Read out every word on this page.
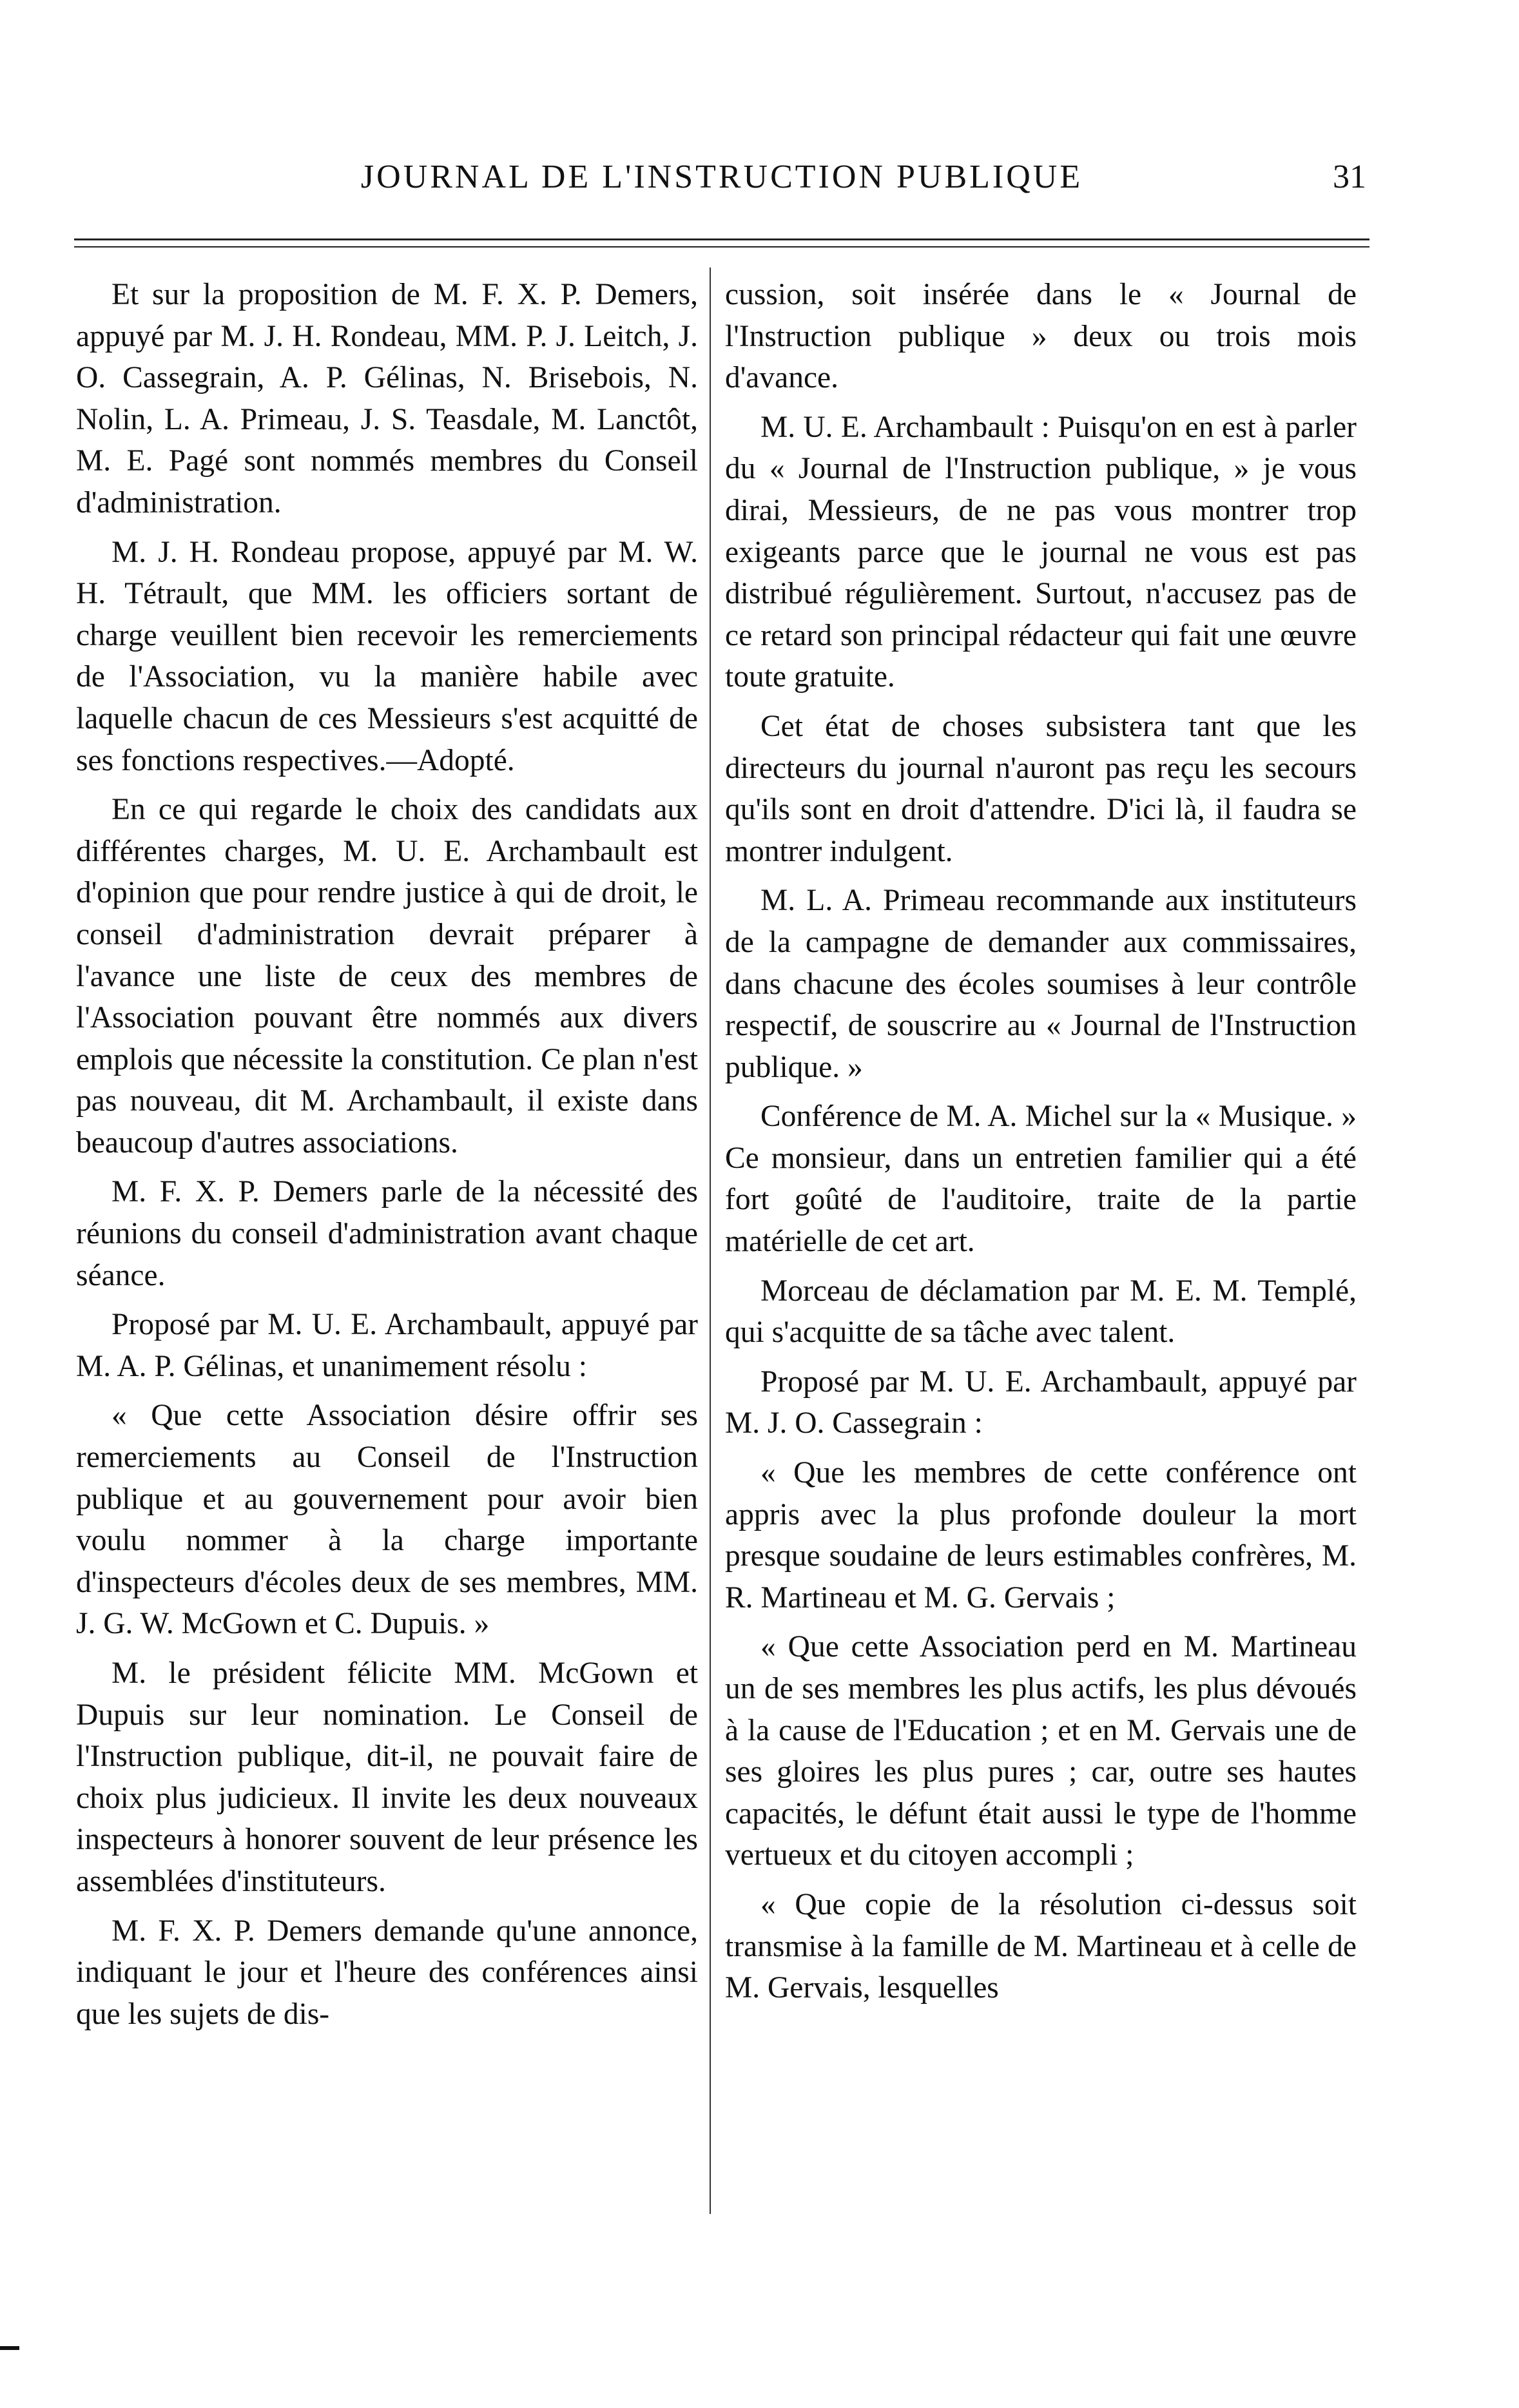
JOURNAL DE L'INSTRUCTION PUBLIQUE	31

Et sur la proposition de M. F. X. P. Demers, appuyé par M. J. H. Rondeau, MM. P. J. Leitch, J. O. Cassegrain, A. P. Gélinas, N. Brisebois, N. Nolin, L. A. Primeau, J. S. Teasdale, M. Lanctôt, M. E. Pagé sont nommés membres du Conseil d'administration.

M. J. H. Rondeau propose, appuyé par M. W. H. Tétrault, que MM. les officiers sortant de charge veuillent bien recevoir les remerciements de l'Association, vu la manière habile avec laquelle chacun de ces Messieurs s'est acquitté de ses fonctions respectives.—Adopté.

En ce qui regarde le choix des candidats aux différentes charges, M. U. E. Archambault est d'opinion que pour rendre justice à qui de droit, le conseil d'administration devrait préparer à l'avance une liste de ceux des membres de l'Association pouvant être nommés aux divers emplois que nécessite la constitution. Ce plan n'est pas nouveau, dit M. Archambault, il existe dans beaucoup d'autres associations.

M. F. X. P. Demers parle de la nécessité des réunions du conseil d'administration avant chaque séance.

Proposé par M. U. E. Archambault, appuyé par M. A. P. Gélinas, et unanimement résolu :

« Que cette Association désire offrir ses remerciements au Conseil de l'Instruction publique et au gouvernement pour avoir bien voulu nommer à la charge importante d'inspecteurs d'écoles deux de ses membres, MM. J. G. W. McGown et C. Dupuis. »

M. le président félicite MM. McGown et Dupuis sur leur nomination. Le Conseil de l'Instruction publique, dit-il, ne pouvait faire de choix plus judicieux. Il invite les deux nouveaux inspecteurs à honorer souvent de leur présence les assemblées d'instituteurs.

M. F. X. P. Demers demande qu'une annonce, indiquant le jour et l'heure des conférences ainsi que les sujets de dis-

cussion, soit insérée dans le « Journal de l'Instruction publique » deux ou trois mois d'avance.

M. U. E. Archambault : Puisqu'on en est à parler du « Journal de l'Instruction publique, » je vous dirai, Messieurs, de ne pas vous montrer trop exigeants parce que le journal ne vous est pas distribué régulièrement. Surtout, n'accusez pas de ce retard son principal rédacteur qui fait une œuvre toute gratuite.

Cet état de choses subsistera tant que les directeurs du journal n'auront pas reçu les secours qu'ils sont en droit d'attendre. D'ici là, il faudra se montrer indulgent.

M. L. A. Primeau recommande aux instituteurs de la campagne de demander aux commissaires, dans chacune des écoles soumises à leur contrôle respectif, de souscrire au « Journal de l'Instruction publique. »

Conférence de M. A. Michel sur la « Musique. » Ce monsieur, dans un entretien familier qui a été fort goûté de l'auditoire, traite de la partie matérielle de cet art.

Morceau de déclamation par M. E. M. Templé, qui s'acquitte de sa tâche avec talent.

Proposé par M. U. E. Archambault, appuyé par M. J. O. Cassegrain :

« Que les membres de cette conférence ont appris avec la plus profonde douleur la mort presque soudaine de leurs estimables confrères, M. R. Martineau et M. G. Gervais ;

« Que cette Association perd en M. Martineau un de ses membres les plus actifs, les plus dévoués à la cause de l'Education ; et en M. Gervais une de ses gloires les plus pures ; car, outre ses hautes capacités, le défunt était aussi le type de l'homme vertueux et du citoyen accompli ;

« Que copie de la résolution ci-dessus soit transmise à la famille de M. Martineau et à celle de M. Gervais, lesquelles
